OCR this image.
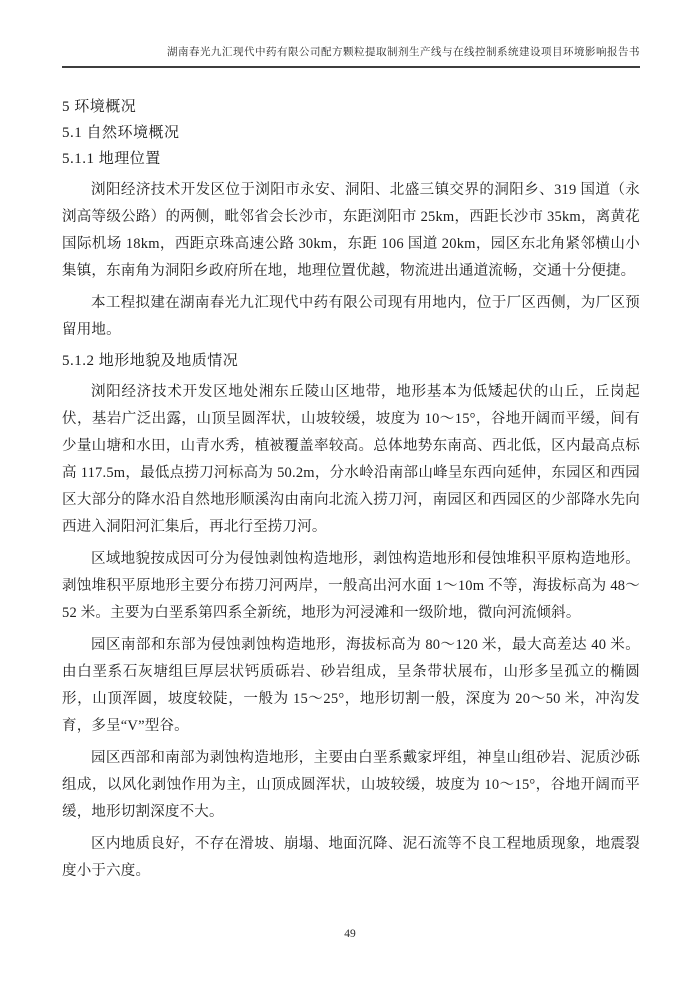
湖南春光九汇现代中药有限公司配方颗粒提取制剂生产线与在线控制系统建设项目环境影响报告书
5 环境概况
5.1 自然环境概况
5.1.1 地理位置

浏阳经济技术开发区位于浏阳市永安、洞阳、北盛三镇交界的洞阳乡、319 国道（永浏高等级公路）的两侧，毗邻省会长沙市，东距浏阳市 25km，西距长沙市 35km，离黄花国际机场 18km，西距京珠高速公路 30km，东距 106 国道 20km，园区东北角紧邻横山小集镇，东南角为洞阳乡政府所在地，地理位置优越，物流进出通道流畅，交通十分便捷。

本工程拟建在湖南春光九汇现代中药有限公司现有用地内，位于厂区西侧，为厂区预留用地。

5.1.2 地形地貌及地质情况

浏阳经济技术开发区地处湘东丘陵山区地带，地形基本为低矮起伏的山丘，丘岗起伏，基岩广泛出露，山顶呈圆浑状，山坡较缓，坡度为 10～15°，谷地开阔而平缓，间有少量山塘和水田，山青水秀，植被覆盖率较高。总体地势东南高、西北低，区内最高点标高 117.5m，最低点捞刀河标高为 50.2m，分水岭沿南部山峰呈东西向延伸，东园区和西园区大部分的降水沿自然地形顺溪沟由南向北流入捞刀河，南园区和西园区的少部降水先向西进入洞阳河汇集后，再北行至捞刀河。

区域地貌按成因可分为侵蚀剥蚀构造地形，剥蚀构造地形和侵蚀堆积平原构造地形。剥蚀堆积平原地形主要分布捞刀河两岸，一般高出河水面 1～10m 不等，海拔标高为 48～52 米。主要为白垩系第四系全新统，地形为河浸滩和一级阶地，微向河流倾斜。

园区南部和东部为侵蚀剥蚀构造地形，海拔标高为 80～120 米，最大高差达 40 米。由白垩系石灰塘组巨厚层状钙质砾岩、砂岩组成，呈条带状展布，山形多呈孤立的椭圆形，山顶浑圆，坡度较陡，一般为 15～25°，地形切割一般，深度为 20～50 米，冲沟发育，多呈“V”型谷。

园区西部和南部为剥蚀构造地形，主要由白垩系戴家坪组，神皇山组砂岩、泥质沙砾组成，以风化剥蚀作用为主，山顶成圆浑状，山坡较缓，坡度为 10～15°，谷地开阔而平缓，地形切割深度不大。

区内地质良好，不存在滑坡、崩塌、地面沉降、泥石流等不良工程地质现象，地震裂度小于六度。

49
